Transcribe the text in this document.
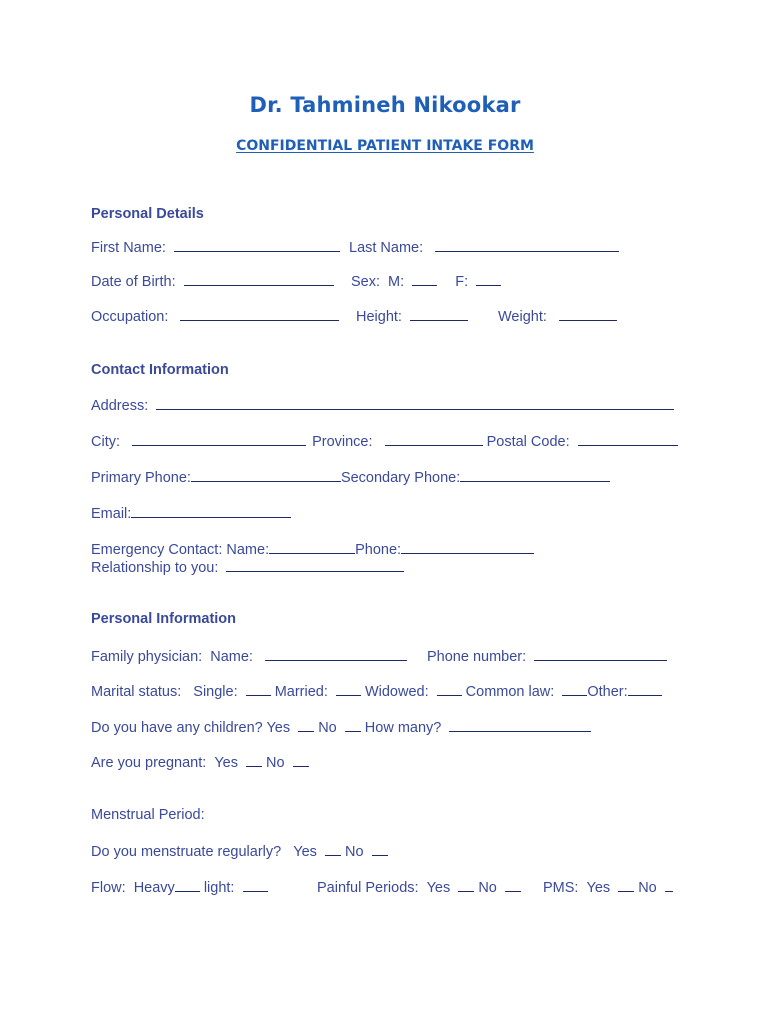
Dr. Tahmineh Nikookar
CONFIDENTIAL PATIENT INTAKE FORM
Personal Details
First Name:	Last Name:
Date of Birth:	Sex: M:	F:
Occupation:	Height:	Weight:
Contact Information
Address:
City:	Province:	Postal Code:
Primary Phone:	Secondary Phone:
Email:
Emergency Contact: Name:	Phone:
Relationship to you:
Personal Information
Family physician: Name:	Phone number:
Marital status: Single:	Married:	Widowed:	Common law: Other:
Do you have any children? Yes No How many?
Are you pregnant: Yes No
Menstrual Period:
Do you menstruate regularly? Yes No
Flow: Heavy light:	Painful Periods: Yes No	PMS: Yes No
